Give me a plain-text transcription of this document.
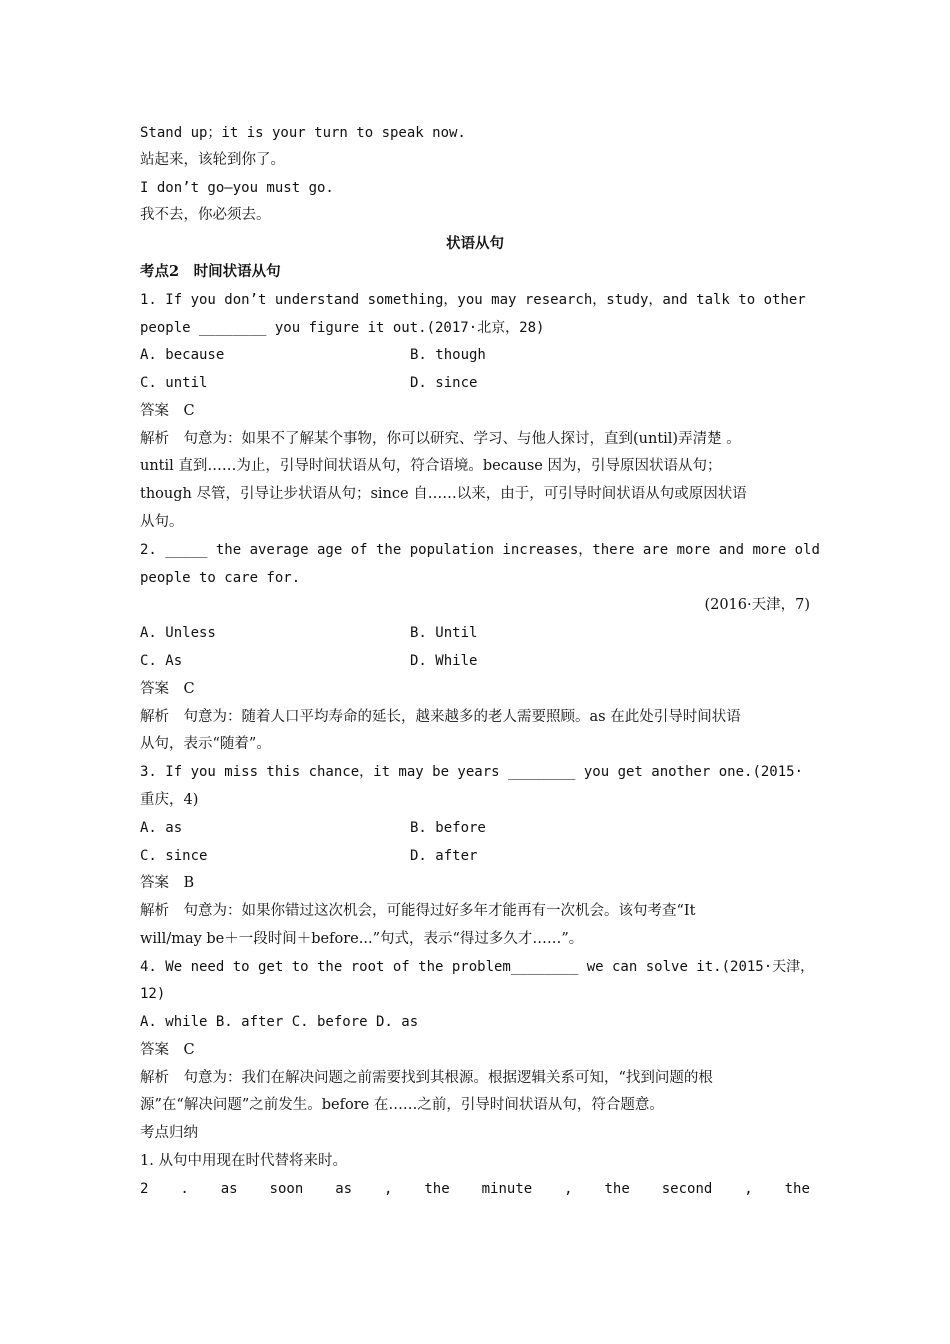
Stand up；it is your turn to speak now.
站起来，该轮到你了。
I don’t go—you must go.
我不去，你必须去。
状语从句
考点2　时间状语从句
1. If you don’t understand something，you may research，study，and talk to other
people ________ you figure it out.(2017·北京，28)
A. because	B. though
C. until	D. since
答案　C
解析　句意为：如果不了解某个事物，你可以研究、学习、与他人探讨，直到(until)弄清楚 。
until 直到……为止，引导时间状语从句，符合语境。because 因为，引导原因状语从句；
though 尽管，引导让步状语从句；since 自……以来，由于，可引导时间状语从句或原因状语
从句。
2. _____ the average age of the population increases，there are more and more old
people to care for.
(2016·天津，7)
A. Unless	B. Until
C. As	D. While
答案　C
解析　句意为：随着人口平均寿命的延长，越来越多的老人需要照顾。as 在此处引导时间状语
从句，表示“随着”。
3. If you miss this chance，it may be years ________ you get another one.(2015·
重庆，4)
A. as	B. before
C. since	D. after
答案　B
解析　句意为：如果你错过这次机会，可能得过好多年才能再有一次机会。该句考查“It
will/may be＋一段时间＋before...”句式，表示“得过多久才……”。
4. We need to get to the root of the problem________ we can solve it.(2015·天津，
12)
A. while B. after C. before D. as
答案　C
解析　句意为：我们在解决问题之前需要找到其根源。根据逻辑关系可知，“找到问题的根
源”在“解决问题”之前发生。before 在……之前，引导时间状语从句，符合题意。
考点归纳
1. 从句中用现在时代替将来时。
2 . as soon as , the minute , the second , the
